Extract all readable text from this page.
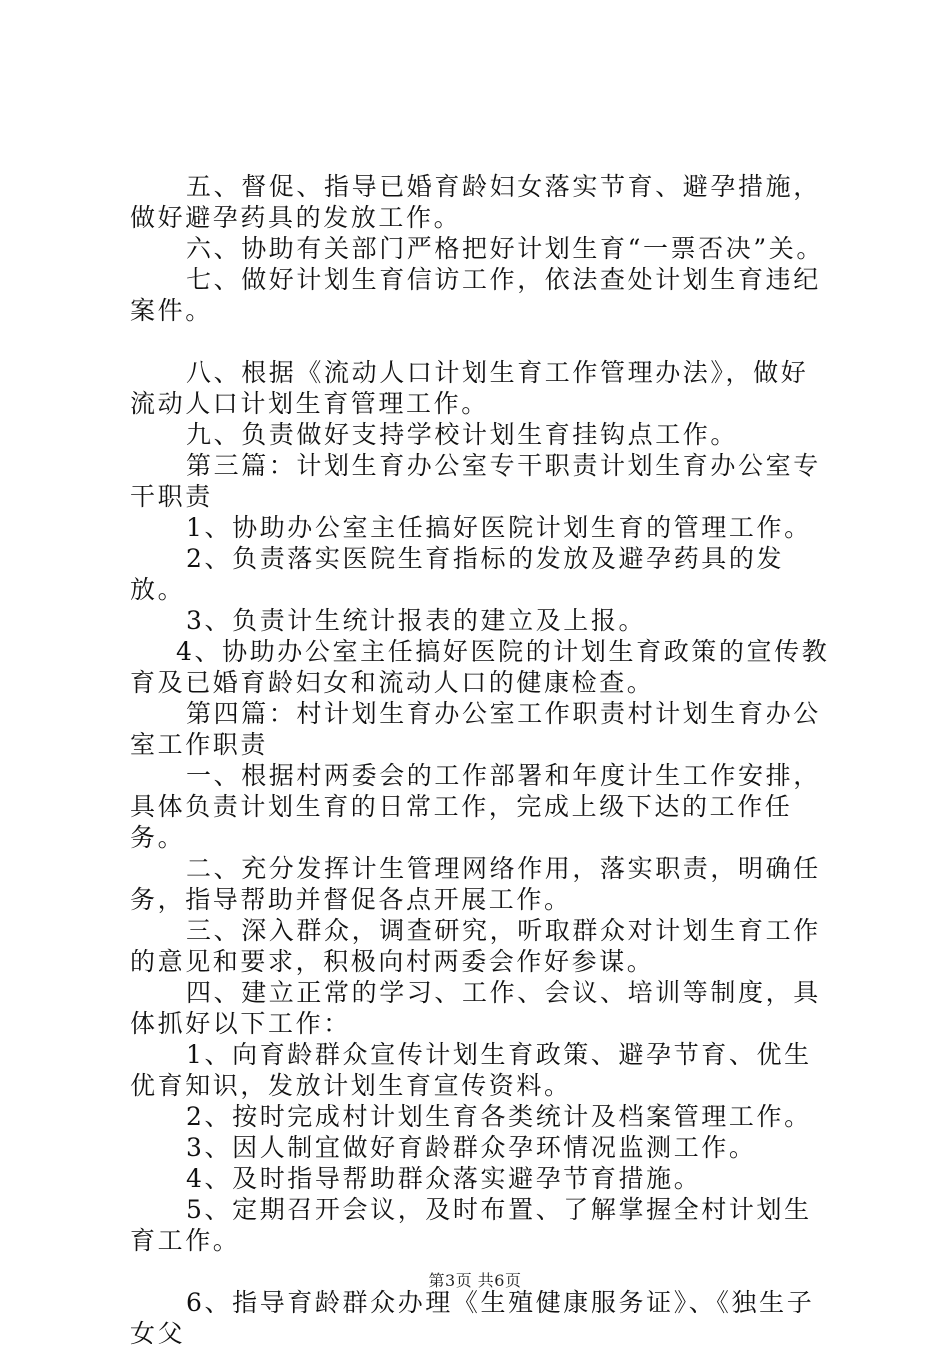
五、督促、指导已婚育龄妇女落实节育、避孕措施，做好避孕药具的发放工作。

六、协助有关部门严格把好计划生育“一票否决”关。

七、做好计划生育信访工作，依法查处计划生育违纪案件。

八、根据《流动人口计划生育工作管理办法》，做好流动人口计划生育管理工作。

九、负责做好支持学校计划生育挂钩点工作。

第三篇：计划生育办公室专干职责计划生育办公室专干职责

1、协助办公室主任搞好医院计划生育的管理工作。

2、负责落实医院生育指标的发放及避孕药具的发放。

3、负责计生统计报表的建立及上报。

4、协助办公室主任搞好医院的计划生育政策的宣传教育及已婚育龄妇女和流动人口的健康检查。

第四篇：村计划生育办公室工作职责村计划生育办公室工作职责

一、根据村两委会的工作部署和年度计生工作安排，具体负责计划生育的日常工作，完成上级下达的工作任务。

二、充分发挥计生管理网络作用，落实职责，明确任务，指导帮助并督促各点开展工作。

三、深入群众，调查研究，听取群众对计划生育工作的意见和要求，积极向村两委会作好参谋。

四、建立正常的学习、工作、会议、培训等制度，具体抓好以下工作：

1、向育龄群众宣传计划生育政策、避孕节育、优生优育知识，发放计划生育宣传资料。

2、按时完成村计划生育各类统计及档案管理工作。

3、因人制宜做好育龄群众孕环情况监测工作。

4、及时指导帮助群众落实避孕节育措施。

5、定期召开会议，及时布置、了解掌握全村计划生育工作。

6、指导育龄群众办理《生殖健康服务证》、《独生子女父

第3页 共6页
